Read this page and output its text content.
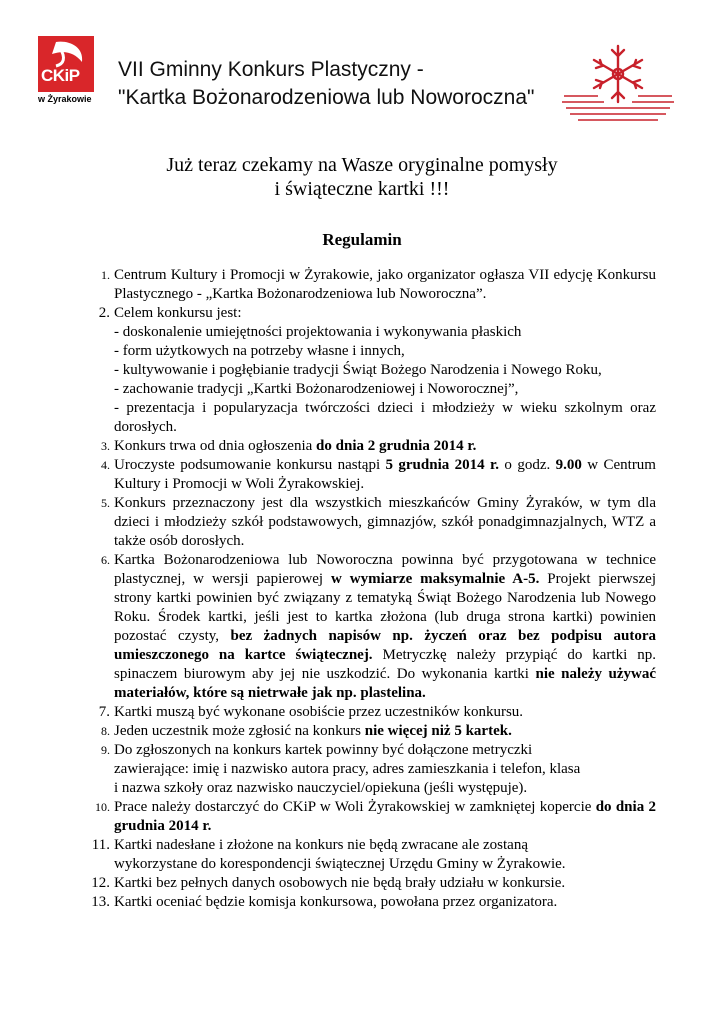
CKiP
w Żyrakowie
VII Gminny Konkurs Plastyczny -
"Kartka Bożonarodzeniowa lub Noworoczna"
Już teraz czekamy na Wasze oryginalne pomysły
i świąteczne kartki !!!
Regulamin
1. Centrum Kultury i Promocji w Żyrakowie, jako organizator ogłasza VII edycję Konkursu Plastycznego - „Kartka Bożonarodzeniowa lub Noworoczna”.
2. Celem konkursu jest:
- doskonalenie umiejętności projektowania i wykonywania płaskich
- form użytkowych na potrzeby własne i innych,
- kultywowanie i pogłębianie tradycji Świąt Bożego Narodzenia i Nowego Roku,
- zachowanie tradycji „Kartki Bożonarodzeniowej i Noworocznej”,
- prezentacja i popularyzacja twórczości dzieci i młodzieży w wieku szkolnym oraz dorosłych.
3. Konkurs trwa od dnia ogłoszenia do dnia 2 grudnia 2014 r.
4. Uroczyste podsumowanie konkursu nastąpi 5 grudnia 2014 r. o godz. 9.00 w Centrum Kultury i Promocji w Woli Żyrakowskiej.
5. Konkurs przeznaczony jest dla wszystkich mieszkańców Gminy Żyraków, w tym dla dzieci i młodzieży szkół podstawowych, gimnazjów, szkół ponadgimnazjalnych, WTZ a także osób dorosłych.
6. Kartka Bożonarodzeniowa lub Noworoczna powinna być przygotowana w technice plastycznej, w wersji papierowej w wymiarze maksymalnie A-5. Projekt pierwszej strony kartki powinien być związany z tematyką Świąt Bożego Narodzenia lub Nowego Roku. Środek kartki, jeśli jest to kartka złożona (lub druga strona kartki) powinien pozostać czysty, bez żadnych napisów np. życzeń oraz bez podpisu autora umieszczonego na kartce świątecznej. Metryczkę należy przypiąć do kartki np. spinaczem biurowym aby jej nie uszkodzić. Do wykonania kartki nie należy używać materiałów, które są nietrwałe jak np. plastelina.
7. Kartki muszą być wykonane osobiście przez uczestników konkursu.
8. Jeden uczestnik może zgłosić na konkurs nie więcej niż 5 kartek.
9. Do zgłoszonych na konkurs kartek powinny być dołączone metryczki
zawierające: imię i nazwisko autora pracy, adres zamieszkania i telefon, klasa
i nazwa szkoły oraz nazwisko nauczyciel/opiekuna (jeśli występuje).
10. Prace należy dostarczyć do CKiP w Woli Żyrakowskiej w zamkniętej kopercie do dnia 2 grudnia 2014 r.
11. Kartki nadesłane i złożone na konkurs nie będą zwracane ale zostaną
wykorzystane do korespondencji świątecznej Urzędu Gminy w Żyrakowie.
12. Kartki bez pełnych danych osobowych nie będą brały udziału w konkursie.
13. Kartki oceniać będzie komisja konkursowa, powołana przez organizatora.
